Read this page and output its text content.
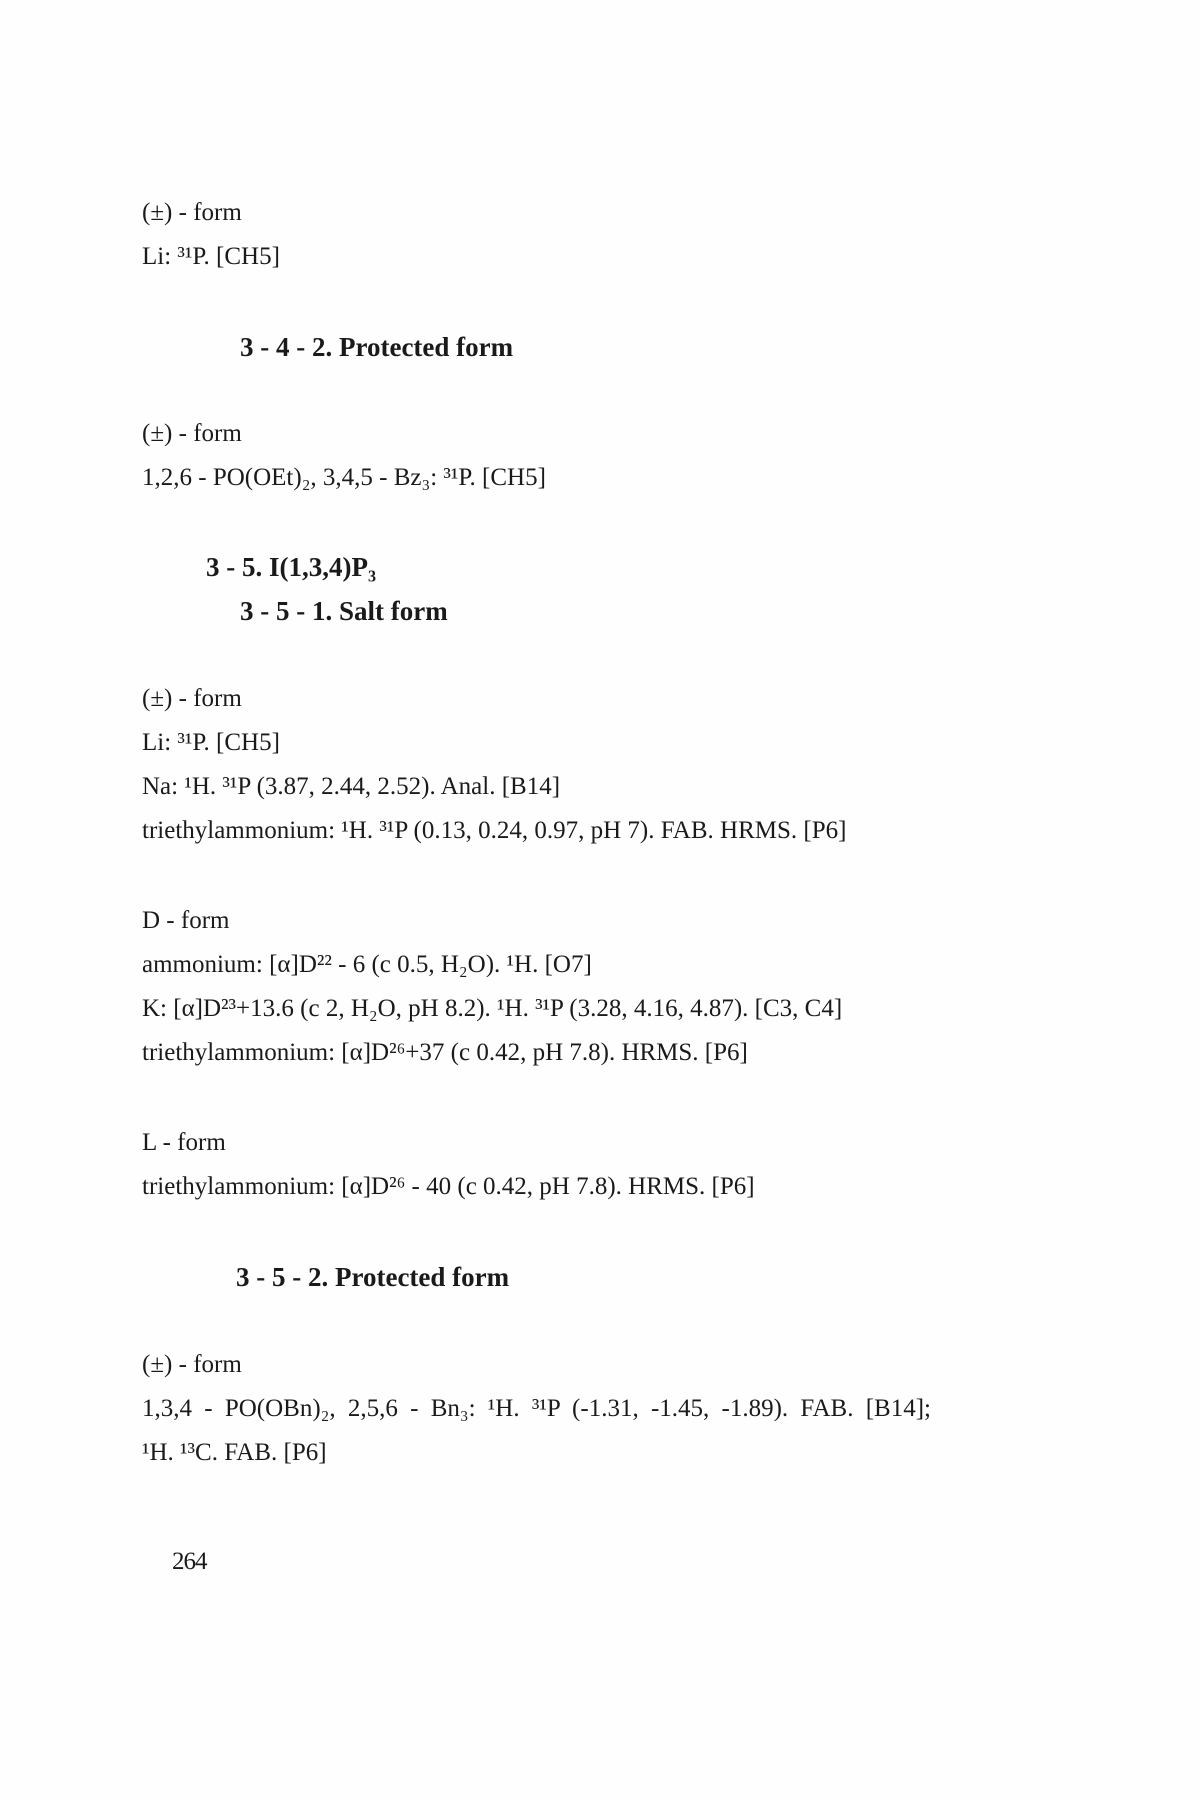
(±) - form
Li: ³¹P. [CH5]
3 - 4 - 2. Protected form
(±) - form
1,2,6 - PO(OEt)₂, 3,4,5 - Bz₃: ³¹P. [CH5]
3 - 5. I(1,3,4)P₃
3 - 5 - 1. Salt form
(±) - form
Li: ³¹P. [CH5]
Na: ¹H. ³¹P (3.87, 2.44, 2.52). Anal. [B14]
triethylammonium: ¹H. ³¹P (0.13, 0.24, 0.97, pH 7). FAB. HRMS. [P6]
D - form
ammonium: [α]D²² - 6 (c 0.5, H₂O). ¹H. [O7]
K: [α]D²³+13.6 (c 2, H₂O, pH 8.2). ¹H. ³¹P (3.28, 4.16, 4.87). [C3, C4]
triethylammonium: [α]D²⁶+37 (c 0.42, pH 7.8). HRMS. [P6]
L - form
triethylammonium: [α]D²⁶ - 40 (c 0.42, pH 7.8). HRMS. [P6]
3 - 5 - 2. Protected form
(±) - form
1,3,4 - PO(OBn)₂, 2,5,6 - Bn₃: ¹H. ³¹P (-1.31, -1.45, -1.89). FAB. [B14];
¹H. ¹³C. FAB. [P6]
264
